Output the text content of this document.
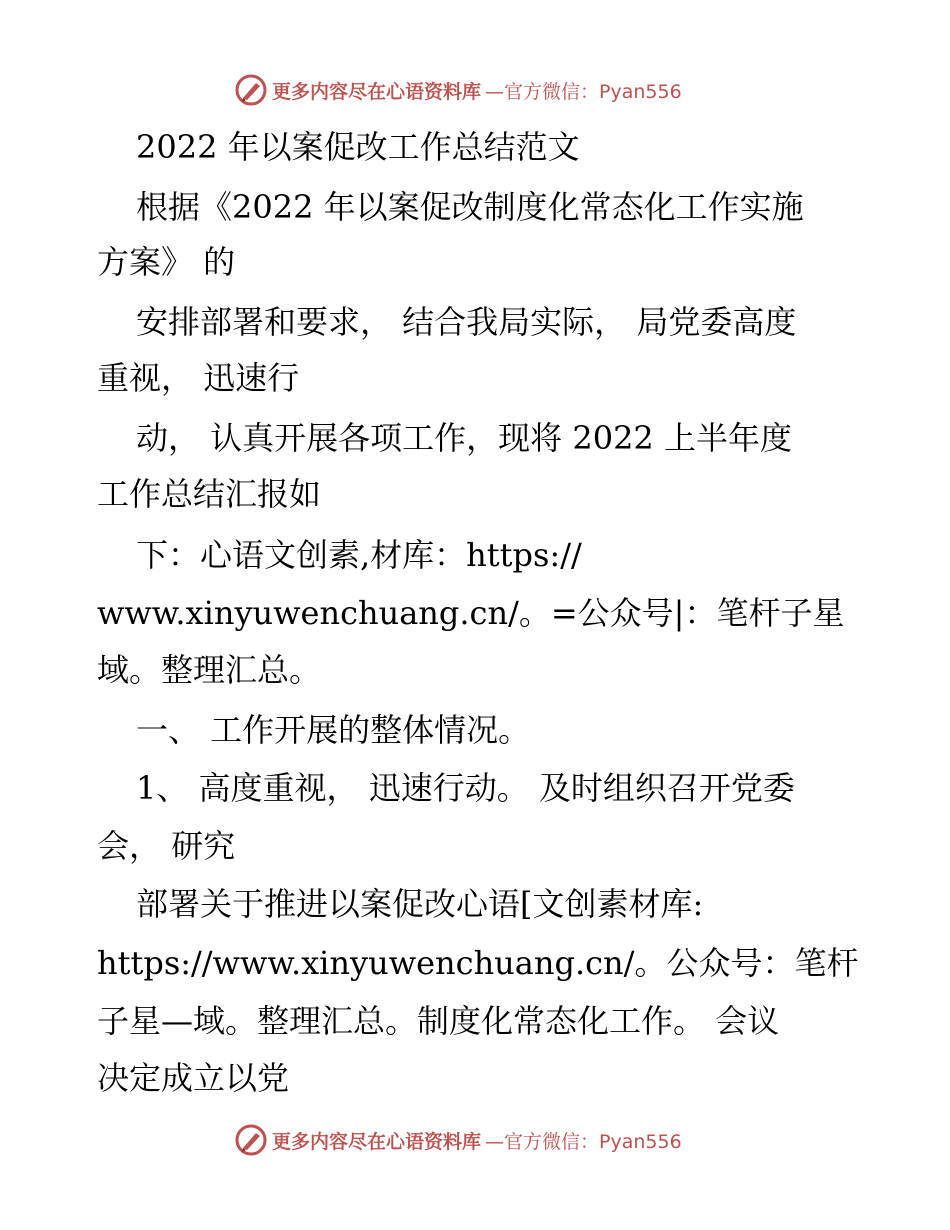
更多内容尽在心语资料库 —官方微信：Pyan556
2022 年以案促改工作总结范文
根据《2022 年以案促改制度化常态化工作实施
方案》 的
安排部署和要求， 结合我局实际， 局党委高度
重视， 迅速行
动， 认真开展各项工作，现将 2022 上半年度
工作总结汇报如
下：心语文创素,材库：https://
www.xinyuwenchuang.cn/。=公众号|：笔杆子星
域。整理汇总。
一、 工作开展的整体情况。
1、 高度重视， 迅速行动。 及时组织召开党委
会， 研究
部署关于推进以案促改心语[文创素材库:
https://www.xinyuwenchuang.cn/。公众号：笔杆
子星—域。整理汇总。制度化常态化工作。 会议
决定成立以党
更多内容尽在心语资料库 —官方微信：Pyan556
